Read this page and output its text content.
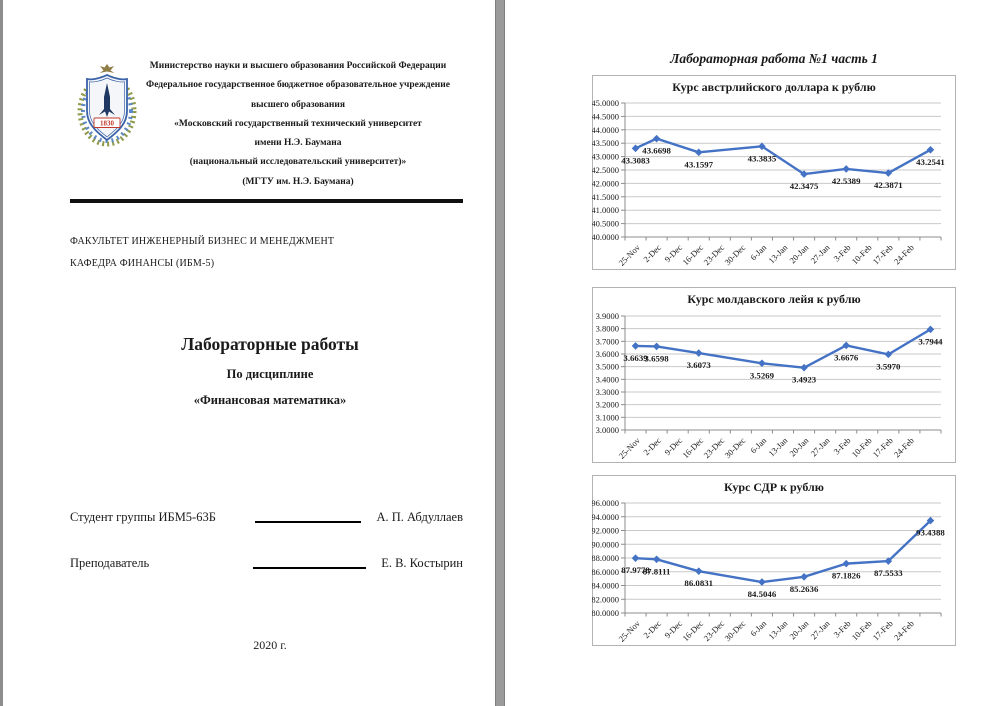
1830
Министерство науки и высшего образования Российской Федерации
Федеральное государственное бюджетное образовательное учреждение
высшего образования
«Московский государственный технический университет
имени Н.Э. Баумана
(национальный исследовательский университет)»
(МГТУ им. Н.Э. Баумана)
ФАКУЛЬТЕТ ИНЖЕНЕРНЫЙ БИЗНЕС И МЕНЕДЖМЕНТ
КАФЕДРА ФИНАНСЫ (ИБМ-5)
Лабораторные работы
По дисциплине
«Финансовая математика»
Студент группы ИБМ5-63Б	А. П. Абдуллаев
Преподаватель	Е. В. Костырин
2020 г.
Лабораторная работа №1 часть 1
Курс австрлийского доллара к рублю
45.0000
44.5000
44.0000
43.5000
43.0000
42.5000
42.0000
41.5000
41.0000
40.5000
40.0000
25-Nov 2-Dec 9-Dec
16-Dec
23-Dec
30-Dec 6-Jan
13-Jan
20-Jan
27-Jan 3-Feb
10-Feb
17-Feb
24-Feb
43.3083
43.6698
43.1597
43.3835
42.3475
42.5389 42.3871
43.2541
Курс молдавского лейя к рублю
3.9000
3.8000
3.7000
3.6000
3.5000
3.4000
3.3000
3.2000
3.1000
3.0000
25-Nov 2-Dec 9-Dec
16-Dec
23-Dec
30-Dec 6-Jan
13-Jan
20-Jan
27-Jan 3-Feb
10-Feb
17-Feb
24-Feb
3.6639
3.6598
3.6073
3.5269 3.4923
3.6676
3.5970
3.7944
Курс СДР к рублю
96.0000
94.0000
92.0000
90.0000
88.0000
86.0000
84.0000
82.0000
80.0000
25-Nov 2-Dec 9-Dec
16-Dec
23-Dec
30-Dec 6-Jan
13-Jan
20-Jan
27-Jan 3-Feb
10-Feb
17-Feb
24-Feb
87.9778
87.8111
86.0831
84.5046
85.2636
87.1826 87.5533
93.4388
